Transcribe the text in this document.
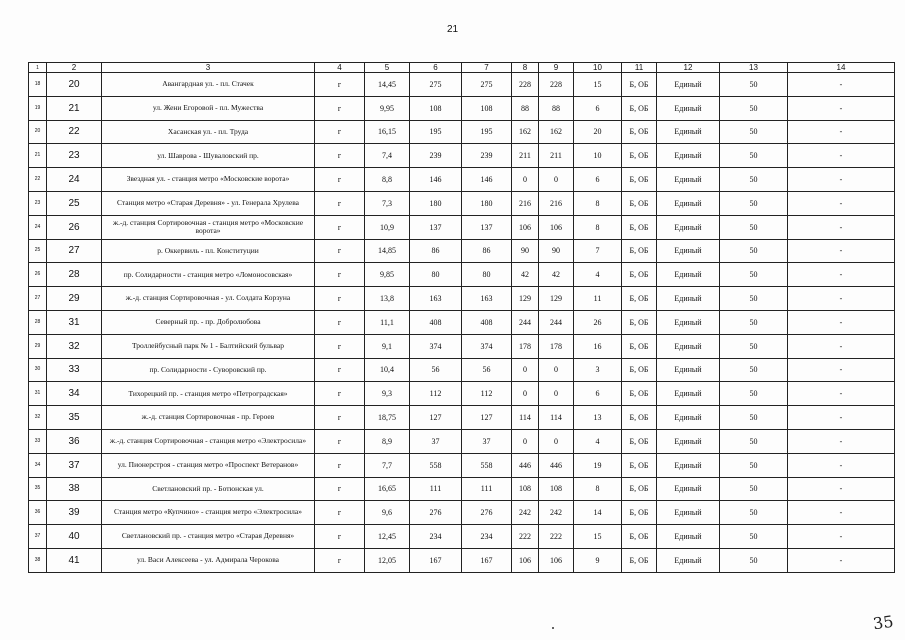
21
1	2	3	4	5	6	7	8	9	10	11	12	13	14
18	20	Авангардная ул. - пл. Стачек	г	14,45	275	275	228	228	15	Б, ОБ	Единый	50	-
19	21	ул. Жени Егоровой - пл. Мужества	г	9,95	108	108	88	88	6	Б, ОБ	Единый	50	-
20	22	Хасанская ул. - пл. Труда	г	16,15	195	195	162	162	20	Б, ОБ	Единый	50	-
21	23	ул. Шаврова - Шуваловский пр.	г	7,4	239	239	211	211	10	Б, ОБ	Единый	50	-
22	24	Звездная ул. - станция метро «Московские ворота»	г	8,8	146	146	0	0	6	Б, ОБ	Единый	50	-
23	25	Станция метро «Старая Деревня» - ул. Генерала Хрулева	г	7,3	180	180	216	216	8	Б, ОБ	Единый	50	-
24	26	ж.-д. станция Сортировочная - станция метро «Московские ворота»	г	10,9	137	137	106	106	8	Б, ОБ	Единый	50	-
25	27	р. Оккервиль - пл. Конституции	г	14,85	86	86	90	90	7	Б, ОБ	Единый	50	-
26	28	пр. Солидарности - станция метро «Ломоносовская»	г	9,85	80	80	42	42	4	Б, ОБ	Единый	50	-
27	29	ж.-д. станция Сортировочная - ул. Солдата Корзуна	г	13,8	163	163	129	129	11	Б, ОБ	Единый	50	-
28	31	Северный пр. - пр. Добролюбова	г	11,1	408	408	244	244	26	Б, ОБ	Единый	50	-
29	32	Троллейбусный парк № 1 - Балтийский бульвар	г	9,1	374	374	178	178	16	Б, ОБ	Единый	50	-
30	33	пр. Солидарности - Суворовский пр.	г	10,4	56	56	0	0	3	Б, ОБ	Единый	50	-
31	34	Тихорецкий пр. - станция метро «Петроградская»	г	9,3	112	112	0	0	6	Б, ОБ	Единый	50	-
32	35	ж.-д. станция Сортировочная - пр. Героев	г	18,75	127	127	114	114	13	Б, ОБ	Единый	50	-
33	36	ж.-д. станция Сортировочная - станция метро «Электросила»	г	8,9	37	37	0	0	4	Б, ОБ	Единый	50	-
34	37	ул. Пионерстроя - станция метро «Проспект Ветеранов»	г	7,7	558	558	446	446	19	Б, ОБ	Единый	50	-
35	38	Светлановский пр. - Ботюнская ул.	г	16,65	111	111	108	108	8	Б, ОБ	Единый	50	-
36	39	Станция метро «Купчино» - станция метро «Электросила»	г	9,6	276	276	242	242	14	Б, ОБ	Единый	50	-
37	40	Светлановский пр. - станция метро «Старая Деревня»	г	12,45	234	234	222	222	15	Б, ОБ	Единый	50	-
38	41	ул. Васи Алексеева - ул. Адмирала Черокова	г	12,05	167	167	106	106	9	Б, ОБ	Единый	50	-
35
